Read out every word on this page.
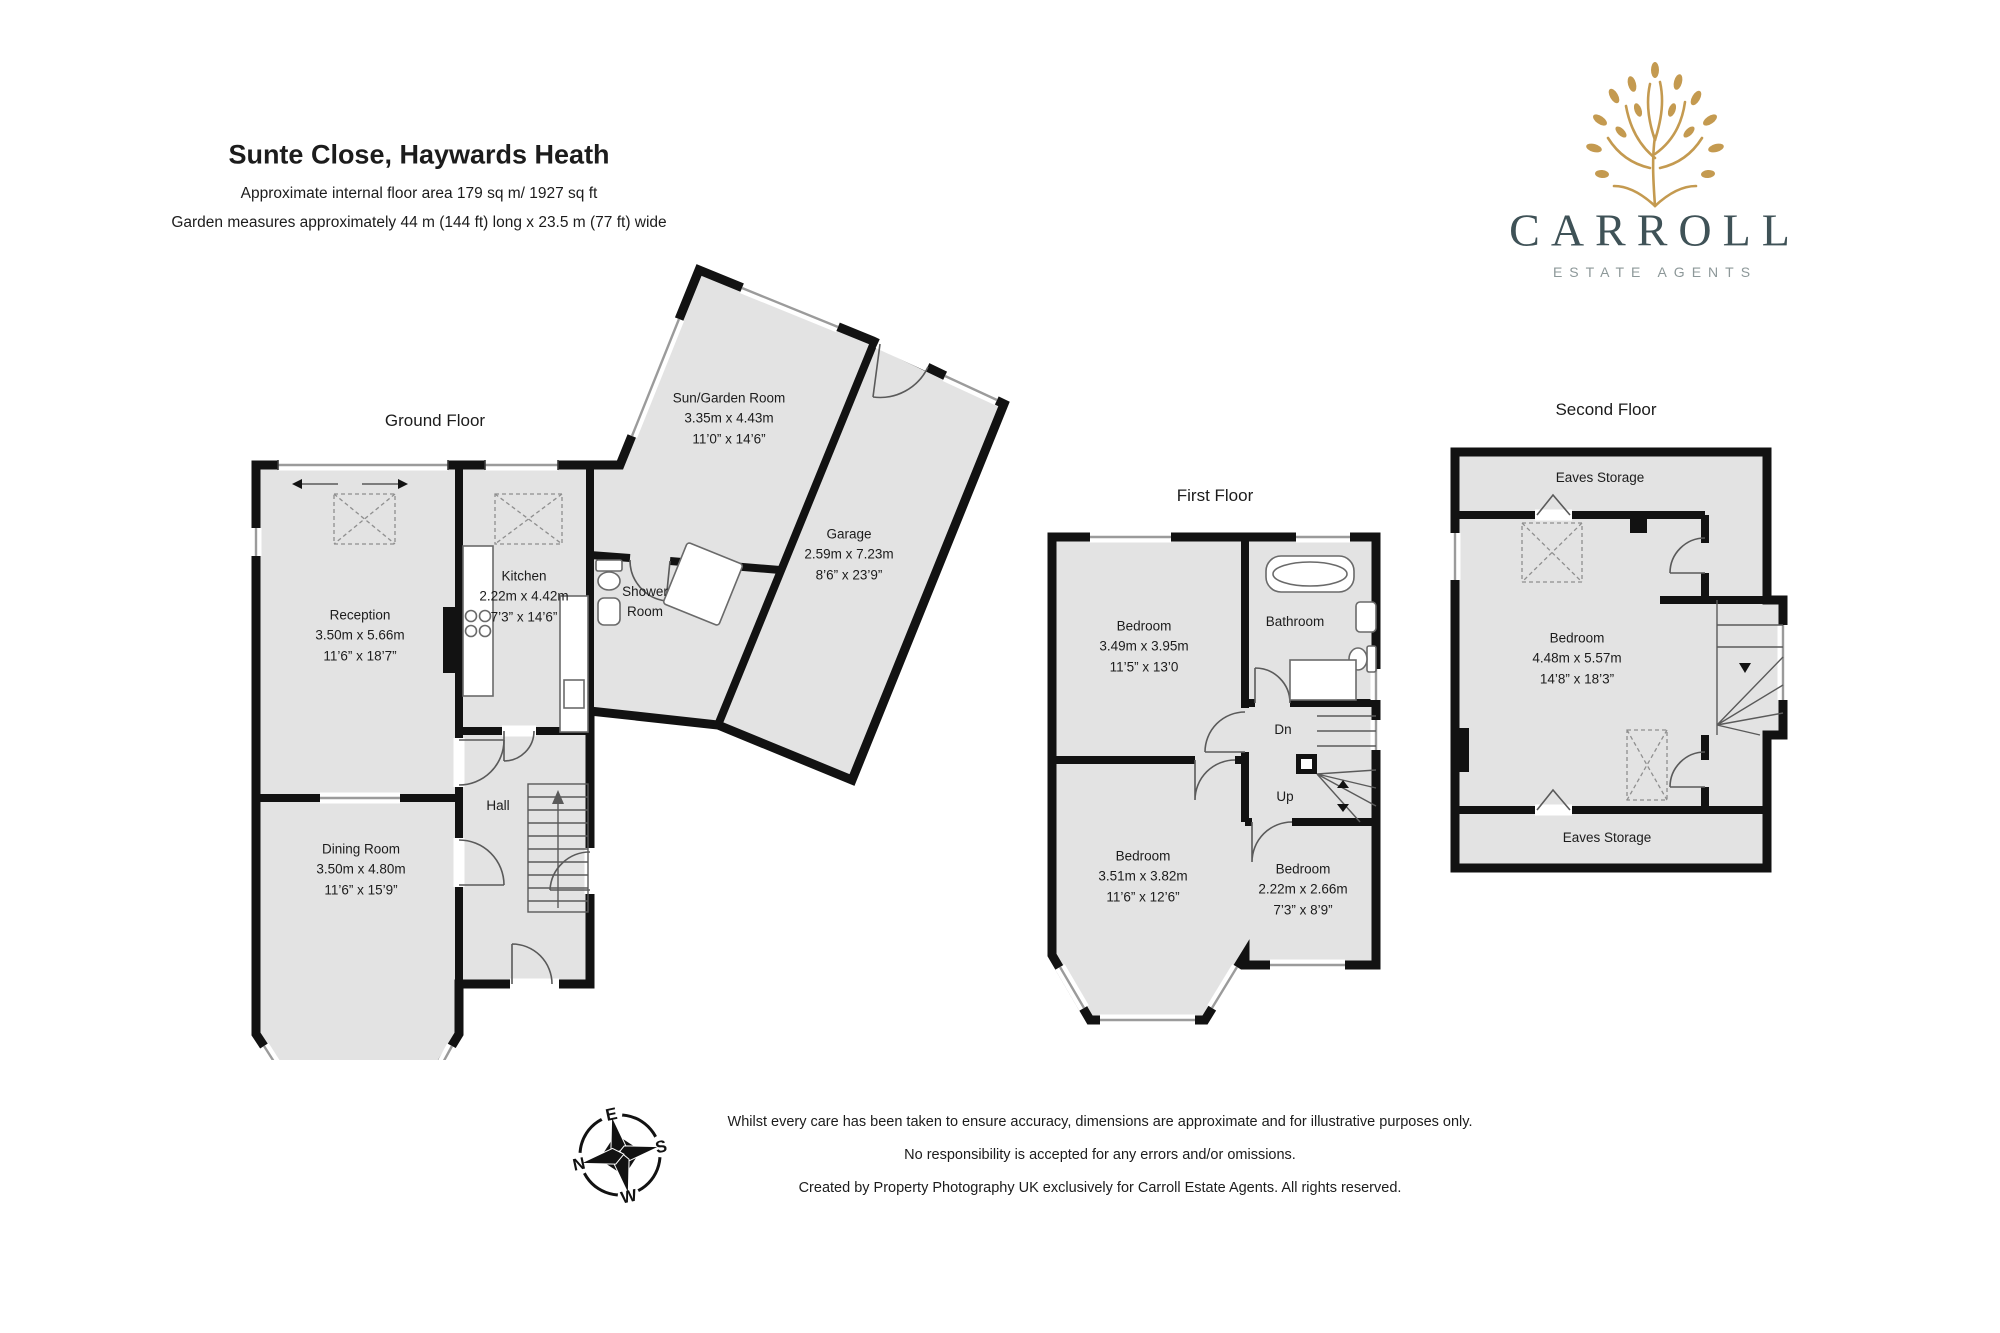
Sunte Close, Haywards Heath
Approximate internal floor area 179 sq m/ 1927 sq ft
Garden measures approximately 44 m (144 ft) long x 23.5 m (77 ft) wide	CARROLL
ESTATE AGENTS
Ground Floor
Reception
3.50m x 5.66m
11’6” x 18’7”
Kitchen
2.22m x 4.42m
7’3” x 14’6”
Shower
Room
Sun/Garden Room
3.35m x 4.43m
11’0” x 14’6”
Garage
2.59m x 7.23m
8’6” x 23’9”
Dining Room
3.50m x 4.80m
11’6” x 15’9”
Hall
First Floor
Bedroom
3.49m x 3.95m
11’5” x 13’0
Bathroom
Dn
Up
Bedroom
3.51m x 3.82m
11’6” x 12’6”
Bedroom
2.22m x 2.66m
7’3” x 8’9”
Second Floor
Eaves Storage
Bedroom
4.48m x 5.57m
14’8” x 18’3”
Eaves Storage
E
S
W
N
Whilst every care has been taken to ensure accuracy, dimensions are approximate and for illustrative purposes only.
No responsibility is accepted for any errors and/or omissions.
Created by Property Photography UK exclusively for Carroll Estate Agents. All rights reserved.
